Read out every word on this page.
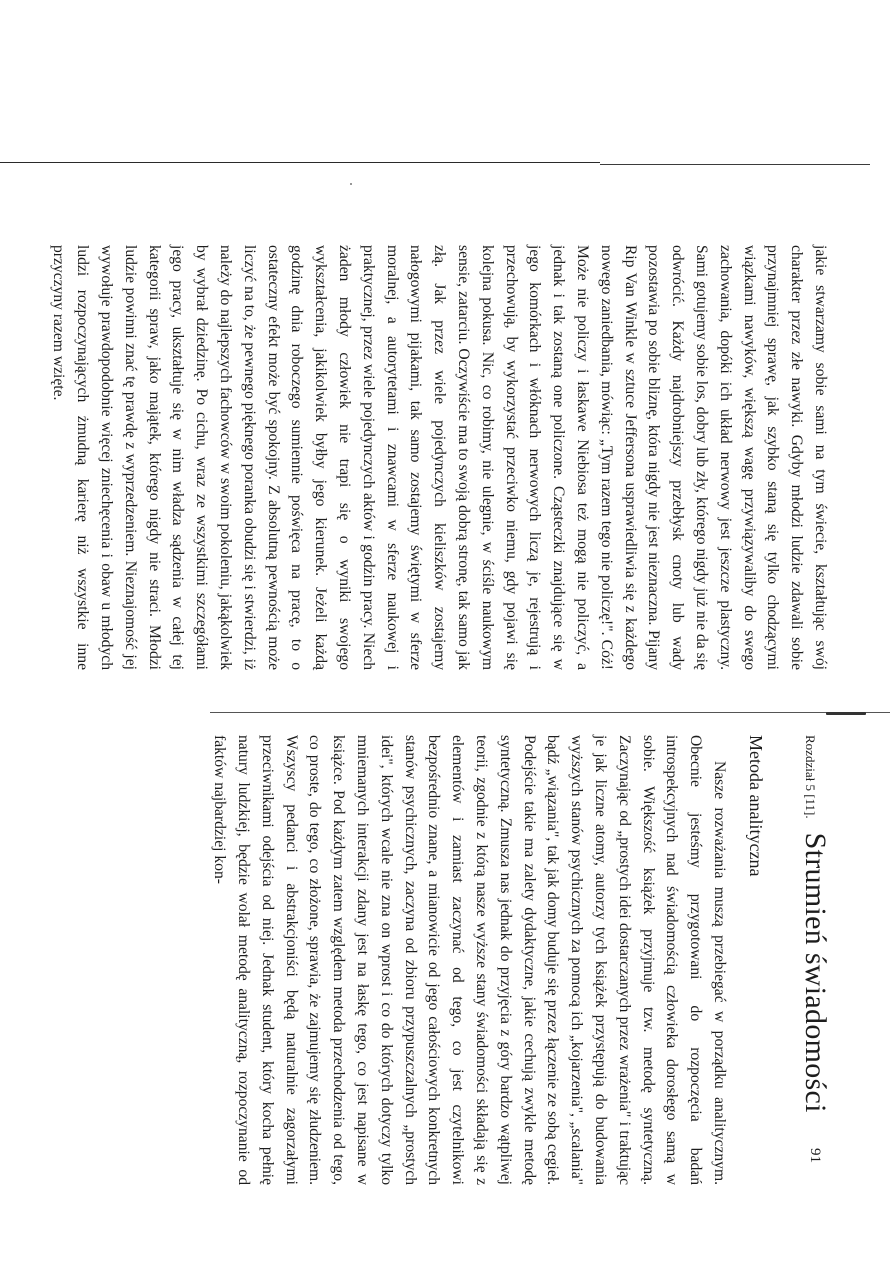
jakie stwarzamy sobie sami na tym świecie, kształtując swój charakter przez złe nawyki. Gdyby młodzi ludzie zdawali sobie przynajmniej sprawę, jak szybko staną się tylko chodzącymi wiązkami nawyków, większą wagę przywiązywaliby do swego zachowania, dopóki ich układ nerwowy jest jeszcze plastyczny. Sami gotujemy sobie los, dobry lub zły, którego nigdy już nie da się odwrócić. Każdy najdrobniejszy przebłysk cnoty lub wady pozostawia po sobie bliznę, która nigdy nie jest nieznaczna. Pijany Rip Van Winkle w sztuce Jeffersona usprawiedliwia się z każdego nowego zaniedbania, mówiąc: „Tym razem tego nie policzę!". Cóż! Może nie policzy i łaskawe Niebiosa też mogą nie policzyć, a jednak i tak zostaną one policzone. Cząsteczki znajdujące się w jego komórkach i włóknach nerwowych liczą je, rejestrują i przechowują, by wykorzystać przeciwko niemu, gdy pojawi się kolejna pokusa. Nic, co robimy, nie ulegnie, w ściśle naukowym sensie, zatarciu. Oczywiście ma to swoją dobrą stronę, tak samo jak złą. Jak przez wiele pojedynczych kieliszków zostajemy nałogowymi pijakami, tak samo zostajemy świętymi w sferze moralnej, a autorytetami i znawcami w sferze naukowej i praktycznej, przez wiele pojedynczych aktów i godzin pracy. Niech żaden młody człowiek nie trapi się o wyniki swojego wykształcenia, jakikolwiek byłby jego kierunek. Jeżeli każdą godzinę dnia roboczego sumiennie poświęca na pracę, to o ostateczny efekt może być spokojny. Z absolutną pewnością może liczyć na to, że pewnego pięknego poranka obudzi się i stwierdzi, iż należy do najlepszych fachowców w swoim pokoleniu, jakąkolwiek by wybrał dziedzinę. Po cichu, wraz ze wszystkimi szczegółami jego pracy, ukształtuje się w nim władza sądzenia w całej tej kategorii spraw, jako majątek, którego nigdy nie straci. Młodzi ludzie powinni znać tę prawdę z wyprzedzeniem. Nieznajomość jej wywołuje prawdopodobnie więcej zniechęcenia i obaw u młodych ludzi rozpoczynających żmudną karierę niż wszystkie inne przyczyny razem wzięte.

Rozdział 5 [11].
Strumień świadomości
Metoda analityczna

Nasze rozważania muszą przebiegać w porządku analitycznym. Obecnie jesteśmy przygotowani do rozpoczęcia badań introspekcyjnych nad świadomością człowieka dorosłego samą w sobie. Większość książek przyjmuje tzw. metodę syntetyczną. Zaczynając od „prostych idei dostarczanych przez wrażenia" i traktując je jak liczne atomy, autorzy tych książek przystępują do budowania wyższych stanów psychicznych za pomocą ich „kojarzenia", „scalania" bądź „wiązania", tak jak domy buduje się przez łączenie ze sobą cegieł. Podejście takie ma zalety dydaktyczne, jakie cechują zwykle metodę syntetyczną. Zmusza nas jednak do przyjęcia z góry bardzo wątpliwej teorii, zgodnie z którą nasze wyższe stany świadomości składają się z elementów i zamiast zaczynać od tego, co jest czytelnikowi bezpośrednio znane, a mianowicie od jego całościowych konkretnych stanów psychicznych, zaczyna od zbioru przypuszczalnych „prostych idei", których wcale nie zna on wprost i co do których dotyczy tylko mniemanych interakcji zdany jest na łaskę tego, co jest napisane w książce. Pod każdym zatem względem metoda przechodzenia od tego, co proste, do tego, co złożone, sprawia, że zajmujemy się złudzeniem. Wszyscy pedanci i abstrakcjoniści będą naturalnie zagorzałymi przeciwnikami odejścia od niej. Jednak student, który kocha pełnię natury ludzkiej, będzie wolał metodę analityczną, rozpoczynanie od faktów najbardziej kon-

91
